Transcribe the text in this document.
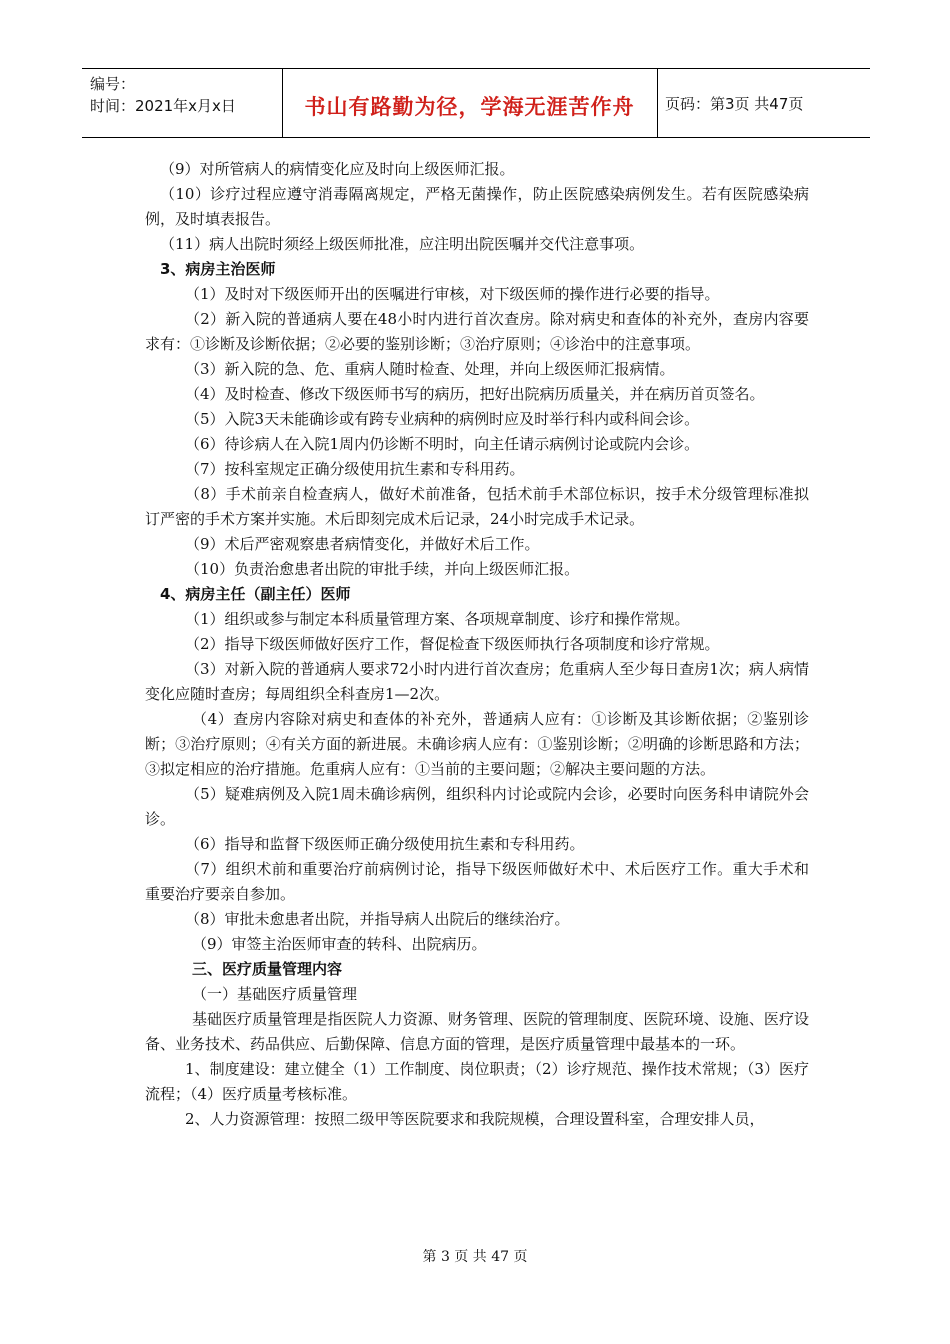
编号：
时间：2021年x月x日	书山有路勤为径，学海无涯苦作舟	页码：第3页 共47页

（9）对所管病人的病情变化应及时向上级医师汇报。

（10）诊疗过程应遵守消毒隔离规定，严格无菌操作，防止医院感染病例发生。若有医院感染病例，及时填表报告。

（11）病人出院时须经上级医师批准，应注明出院医嘱并交代注意事项。

3、病房主治医师

（1）及时对下级医师开出的医嘱进行审核，对下级医师的操作进行必要的指导。

（2）新入院的普通病人要在48小时内进行首次查房。除对病史和查体的补充外，查房内容要求有：①诊断及诊断依据；②必要的鉴别诊断；③治疗原则；④诊治中的注意事项。

（3）新入院的急、危、重病人随时检查、处理，并向上级医师汇报病情。

（4）及时检查、修改下级医师书写的病历，把好出院病历质量关，并在病历首页签名。

（5）入院3天未能确诊或有跨专业病种的病例时应及时举行科内或科间会诊。

（6）待诊病人在入院1周内仍诊断不明时，向主任请示病例讨论或院内会诊。

（7）按科室规定正确分级使用抗生素和专科用药。

（8）手术前亲自检查病人，做好术前准备，包括术前手术部位标识，按手术分级管理标准拟订严密的手术方案并实施。术后即刻完成术后记录，24小时完成手术记录。

（9）术后严密观察患者病情变化，并做好术后工作。

（10）负责治愈患者出院的审批手续，并向上级医师汇报。

4、病房主任（副主任）医师

（1）组织或参与制定本科质量管理方案、各项规章制度、诊疗和操作常规。

（2）指导下级医师做好医疗工作，督促检查下级医师执行各项制度和诊疗常规。

（3）对新入院的普通病人要求72小时内进行首次查房；危重病人至少每日查房1次；病人病情变化应随时查房；每周组织全科查房1—2次。

（4）查房内容除对病史和查体的补充外，普通病人应有：①诊断及其诊断依据；②鉴别诊断；③治疗原则；④有关方面的新进展。未确诊病人应有：①鉴别诊断；②明确的诊断思路和方法；③拟定相应的治疗措施。危重病人应有：①当前的主要问题；②解决主要问题的方法。

（5）疑难病例及入院1周未确诊病例，组织科内讨论或院内会诊，必要时向医务科申请院外会诊。

（6）指导和监督下级医师正确分级使用抗生素和专科用药。

（7）组织术前和重要治疗前病例讨论，指导下级医师做好术中、术后医疗工作。重大手术和重要治疗要亲自参加。

（8）审批未愈患者出院，并指导病人出院后的继续治疗。

（9）审签主治医师审查的转科、出院病历。

三、医疗质量管理内容

（一）基础医疗质量管理

基础医疗质量管理是指医院人力资源、财务管理、医院的管理制度、医院环境、设施、医疗设备、业务技术、药品供应、后勤保障、信息方面的管理，是医疗质量管理中最基本的一环。

1、制度建设：建立健全（1）工作制度、岗位职责；（2）诊疗规范、操作技术常规；（3）医疗流程；（4）医疗质量考核标准。

2、人力资源管理：按照二级甲等医院要求和我院规模，合理设置科室，合理安排人员，

第 3 页 共 47 页
